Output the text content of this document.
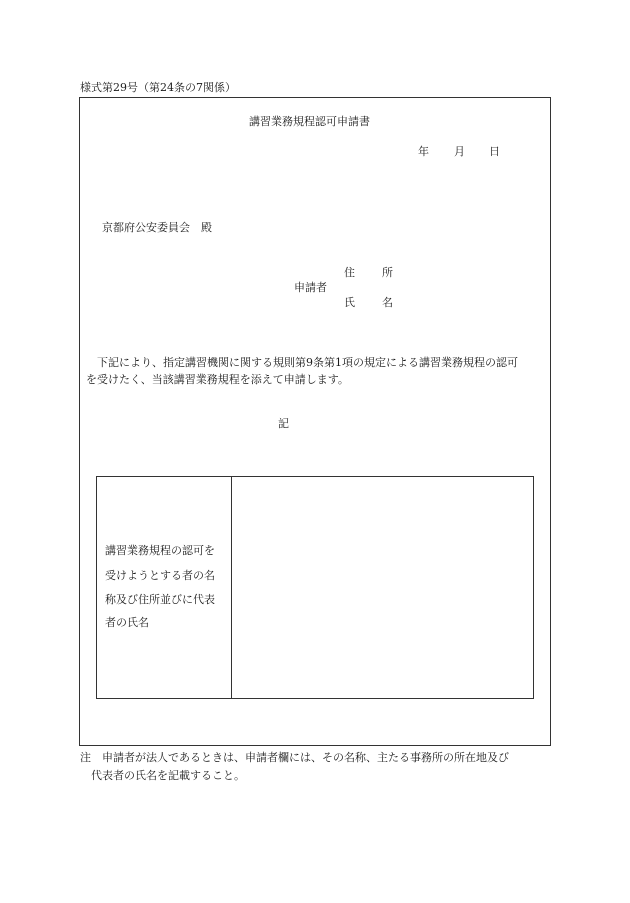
様式第29号（第24条の7関係）
講習業務規程認可申請書
年 月 日
京都府公安委員会　殿
住 所
申請者
氏 名
下記により、指定講習機関に関する規則第9条第1項の規定による講習業務規程の認可
を受けたく、当該講習業務規程を添えて申請します。
記
講習業務規程の認可を
受けようとする者の名
称及び住所並びに代表
者の氏名
注　申請者が法人であるときは、申請者欄には、その名称、主たる事務所の所在地及び
代表者の氏名を記載すること。
